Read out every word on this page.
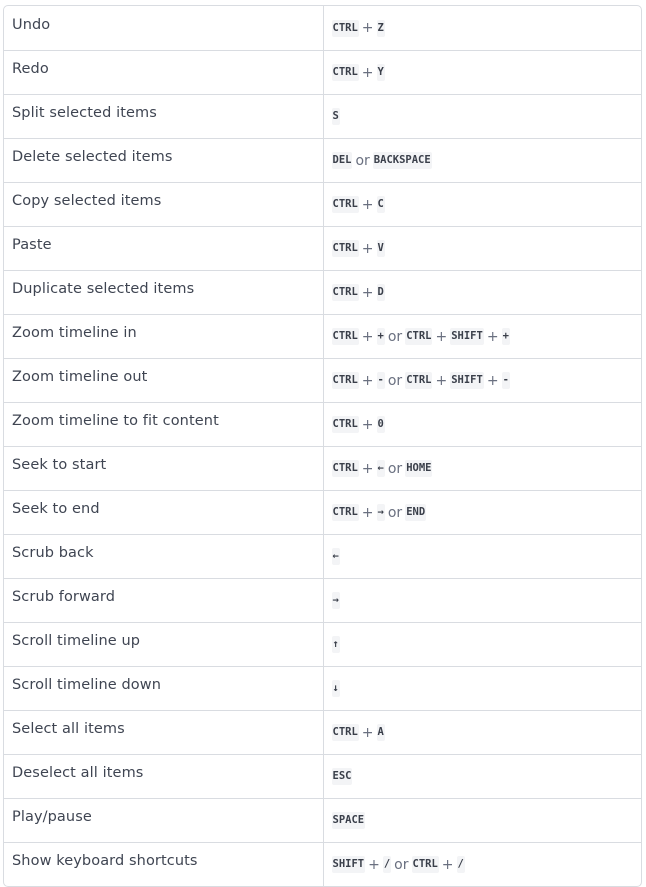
Undo	CTRL + Z
Redo	CTRL + Y
Split selected items	S
Delete selected items	DEL or BACKSPACE
Copy selected items	CTRL + C
Paste	CTRL + V
Duplicate selected items	CTRL + D
Zoom timeline in	CTRL + + or CTRL + SHIFT + +
Zoom timeline out	CTRL + - or CTRL + SHIFT + -
Zoom timeline to fit content	CTRL + 0
Seek to start	CTRL + ← or HOME
Seek to end	CTRL + → or END
Scrub back	←
Scrub forward	→
Scroll timeline up	↑
Scroll timeline down	↓
Select all items	CTRL + A
Deselect all items	ESC
Play/pause	SPACE
Show keyboard shortcuts	SHIFT + / or CTRL + /
